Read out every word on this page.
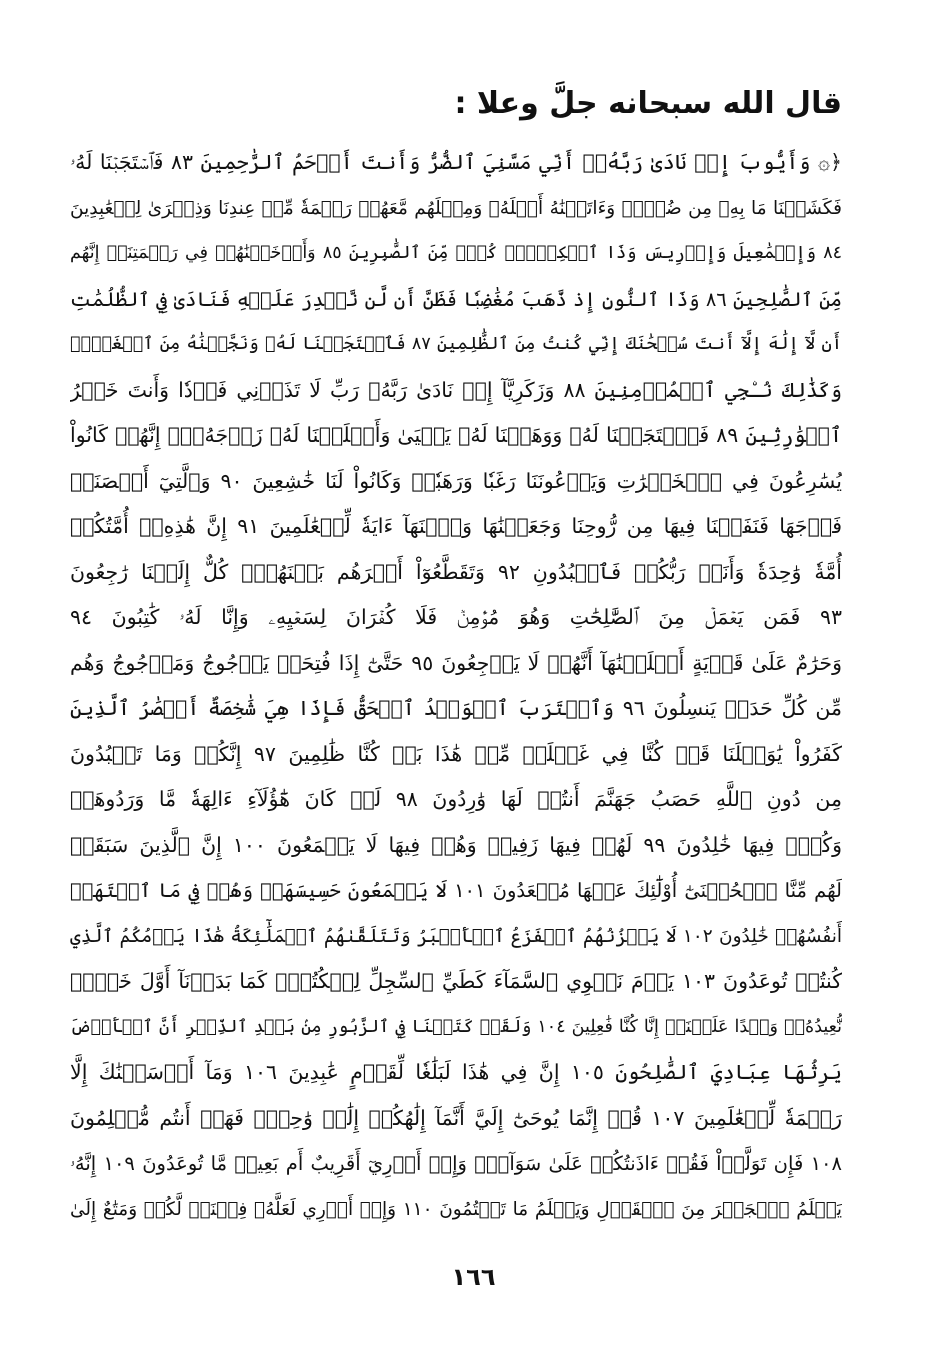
قال الله سبحانه جلَّ وعلا :
﴿۞ وَأَيُّوبَ إِذۡ نَادَىٰ رَبَّهُۥٓ أَنِّي مَسَّنِيَ ٱلضُّرُّ وَأَنتَ أَرۡحَمُ ٱلرَّٰحِمِينَ ٨٣ فَٱسۡتَجَبۡنَا لَهُۥ
فَكَشَفۡنَا مَا بِهِۦ مِن ضُرّٖۖ وَءَاتَيۡنَٰهُ أَهۡلَهُۥ وَمِثۡلَهُم مَّعَهُمۡ رَحۡمَةٗ مِّنۡ عِندِنَا وَذِكۡرَىٰ لِلۡعَٰبِدِينَ
٨٤ وَإِسۡمَٰعِيلَ وَإِدۡرِيسَ وَذَا ٱلۡكِفۡلِۖ كُلّٞ مِّنَ ٱلصَّٰبِرِينَ ٨٥ وَأَدۡخَلۡنَٰهُمۡ فِي رَحۡمَتِنَآۖ إِنَّهُم
مِّنَ ٱلصَّٰلِحِينَ ٨٦ وَذَا ٱلنُّونِ إِذ ذَّهَبَ مُغَٰضِبٗا فَظَنَّ أَن لَّن نَّقۡدِرَ عَلَيۡهِ فَنَادَىٰ فِي ٱلظُّلُمَٰتِ
أَن لَّآ إِلَٰهَ إِلَّآ أَنتَ سُبۡحَٰنَكَ إِنِّي كُنتُ مِنَ ٱلظَّٰلِمِينَ ٨٧ فَٱسۡتَجَبۡنَا لَهُۥ وَنَجَّيۡنَٰهُ مِنَ ٱلۡغَمِّۚ
وَكَذَٰلِكَ نُـۨجِي ٱلۡمُؤۡمِنِينَ ٨٨ وَزَكَرِيَّآ إِذۡ نَادَىٰ رَبَّهُۥ رَبِّ لَا تَذَرۡنِي فَرۡدٗا وَأَنتَ خَيۡرُ
ٱلۡوَٰرِثِينَ ٨٩ فَٱسۡتَجَبۡنَا لَهُۥ وَوَهَبۡنَا لَهُۥ يَحۡيَىٰ وَأَصۡلَحۡنَا لَهُۥ زَوۡجَهُۥٓۚ إِنَّهُمۡ كَانُواْ
يُسَٰرِعُونَ فِي ٱلۡخَيۡرَٰتِ وَيَدۡعُونَنَا رَغَبٗا وَرَهَبٗاۖ وَكَانُواْ لَنَا خَٰشِعِينَ ٩٠ وَٱلَّتِيٓ أَحۡصَنَتۡ
فَرۡجَهَا فَنَفَخۡنَا فِيهَا مِن رُّوحِنَا وَجَعَلۡنَٰهَا وَٱبۡنَهَآ ءَايَةٗ لِّلۡعَٰلَمِينَ ٩١ إِنَّ هَٰذِهِۦٓ أُمَّتُكُمۡ
أُمَّةٗ وَٰحِدَةٗ وَأَنَا۠ رَبُّكُمۡ فَٱعۡبُدُونِ ٩٢ وَتَقَطَّعُوٓاْ أَمۡرَهُم بَيۡنَهُمۡۖ كُلٌّ إِلَيۡنَا رَٰجِعُونَ
٩٣ فَمَن يَعۡمَلۡ مِنَ ٱلصَّٰلِحَٰتِ وَهُوَ مُؤۡمِنٞ فَلَا كُفۡرَانَ لِسَعۡيِهِۦ وَإِنَّا لَهُۥ كَٰتِبُونَ ٩٤
وَحَرَٰمٌ عَلَىٰ قَرۡيَةٍ أَهۡلَكۡنَٰهَآ أَنَّهُمۡ لَا يَرۡجِعُونَ ٩٥ حَتَّىٰٓ إِذَا فُتِحَتۡ يَأۡجُوجُ وَمَأۡجُوجُ وَهُم
مِّن كُلِّ حَدَبٖ يَنسِلُونَ ٩٦ وَٱقۡتَرَبَ ٱلۡوَعۡدُ ٱلۡحَقُّ فَإِذَا هِيَ شَٰخِصَةٌ أَبۡصَٰرُ ٱلَّذِينَ
كَفَرُواْ يَٰوَيۡلَنَا قَدۡ كُنَّا فِي غَفۡلَةٖ مِّنۡ هَٰذَا بَلۡ كُنَّا ظَٰلِمِينَ ٩٧ إِنَّكُمۡ وَمَا تَعۡبُدُونَ
مِن دُونِ ٱللَّهِ حَصَبُ جَهَنَّمَ أَنتُمۡ لَهَا وَٰرِدُونَ ٩٨ لَوۡ كَانَ هَٰٓؤُلَآءِ ءَالِهَةٗ مَّا وَرَدُوهَاۖ
وَكُلّٞ فِيهَا خَٰلِدُونَ ٩٩ لَهُمۡ فِيهَا زَفِيرٞ وَهُمۡ فِيهَا لَا يَسۡمَعُونَ ١٠٠ إِنَّ ٱلَّذِينَ سَبَقَتۡ
لَهُم مِّنَّا ٱلۡحُسۡنَىٰٓ أُوْلَٰٓئِكَ عَنۡهَا مُبۡعَدُونَ ١٠١ لَا يَسۡمَعُونَ حَسِيسَهَاۖ وَهُمۡ فِي مَا ٱشۡتَهَتۡ
أَنفُسُهُمۡ خَٰلِدُونَ ١٠٢ لَا يَحۡزُنُهُمُ ٱلۡفَزَعُ ٱلۡأَكۡبَرُ وَتَتَلَقَّىٰهُمُ ٱلۡمَلَٰٓئِكَةُ هَٰذَا يَوۡمُكُمُ ٱلَّذِي
كُنتُمۡ تُوعَدُونَ ١٠٣ يَوۡمَ نَطۡوِي ٱلسَّمَآءَ كَطَيِّ ٱلسِّجِلِّ لِلۡكُتُبِۚ كَمَا بَدَأۡنَآ أَوَّلَ خَلۡقٖ
نُّعِيدُهُۥۚ وَعۡدًا عَلَيۡنَآۚ إِنَّا كُنَّا فَٰعِلِينَ ١٠٤ وَلَقَدۡ كَتَبۡنَا فِي ٱلزَّبُورِ مِنۢ بَعۡدِ ٱلذِّكۡرِ أَنَّ ٱلۡأَرۡضَ
يَرِثُهَا عِبَادِيَ ٱلصَّٰلِحُونَ ١٠٥ إِنَّ فِي هَٰذَا لَبَلَٰغٗا لِّقَوۡمٍ عَٰبِدِينَ ١٠٦ وَمَآ أَرۡسَلۡنَٰكَ إِلَّا
رَحۡمَةٗ لِّلۡعَٰلَمِينَ ١٠٧ قُلۡ إِنَّمَا يُوحَىٰٓ إِلَيَّ أَنَّمَآ إِلَٰهُكُمۡ إِلَٰهٞ وَٰحِدٞۖ فَهَلۡ أَنتُم مُّسۡلِمُونَ
١٠٨ فَإِن تَوَلَّوۡاْ فَقُلۡ ءَاذَنتُكُمۡ عَلَىٰ سَوَآءٖۖ وَإِنۡ أَدۡرِيٓ أَقَرِيبٌ أَم بَعِيدٞ مَّا تُوعَدُونَ ١٠٩ إِنَّهُۥ
يَعۡلَمُ ٱلۡجَهۡرَ مِنَ ٱلۡقَوۡلِ وَيَعۡلَمُ مَا تَكۡتُمُونَ ١١٠ وَإِنۡ أَدۡرِي لَعَلَّهُۥ فِتۡنَةٞ لَّكُمۡ وَمَتَٰعٌ إِلَىٰ
١٦٦
